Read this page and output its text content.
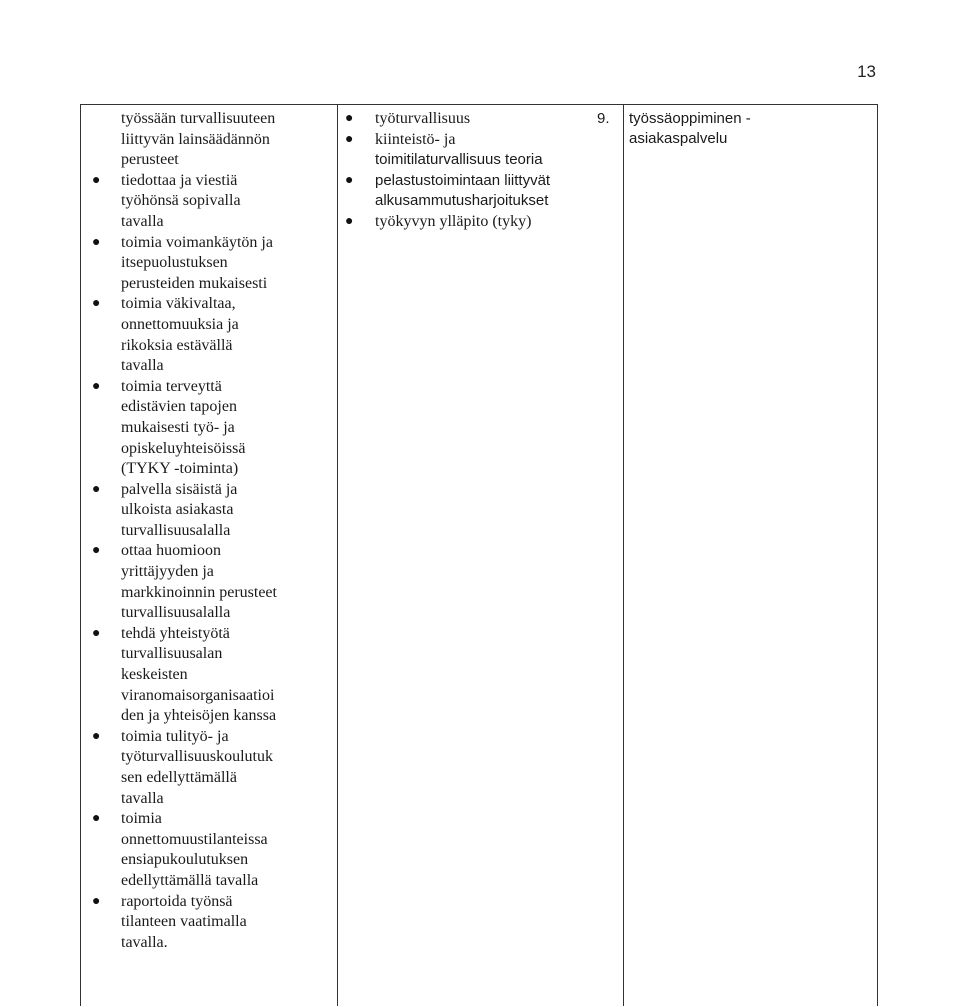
13
työssään turvallisuuteen
liittyvän lainsäädännön
perusteet
● tiedottaa ja viestiä
työhönsä sopivalla
tavalla
● toimia voimankäytön ja
itsepuolustuksen
perusteiden mukaisesti
● toimia väkivaltaa,
onnettomuuksia ja
rikoksia estävällä
tavalla
● toimia terveyttä
edistävien tapojen
mukaisesti työ- ja
opiskeluyhteisöissä
(TYKY -toiminta)
● palvella sisäistä ja
ulkoista asiakasta
turvallisuusalalla
● ottaa huomioon
yrittäjyyden ja
markkinoinnin perusteet
turvallisuusalalla
● tehdä yhteistyötä
turvallisuusalan
keskeisten
viranomaisorganisaatioi
den ja yhteisöjen kanssa
● toimia tulityö- ja
työturvallisuuskoulutuk
sen edellyttämällä
tavalla
● toimia
onnettomuustilanteissa
ensiapukoulutuksen
edellyttämällä tavalla
● raportoida työnsä
tilanteen vaatimalla
tavalla.
● työturvallisuus
● kiinteistö- ja
toimitilaturvallisuus teoria
● pelastustoimintaan liittyvät
alkusammutusharjoitukset
● työkyvyn ylläpito (tyky)
9. työssäoppiminen -
asiakaspalvelu
